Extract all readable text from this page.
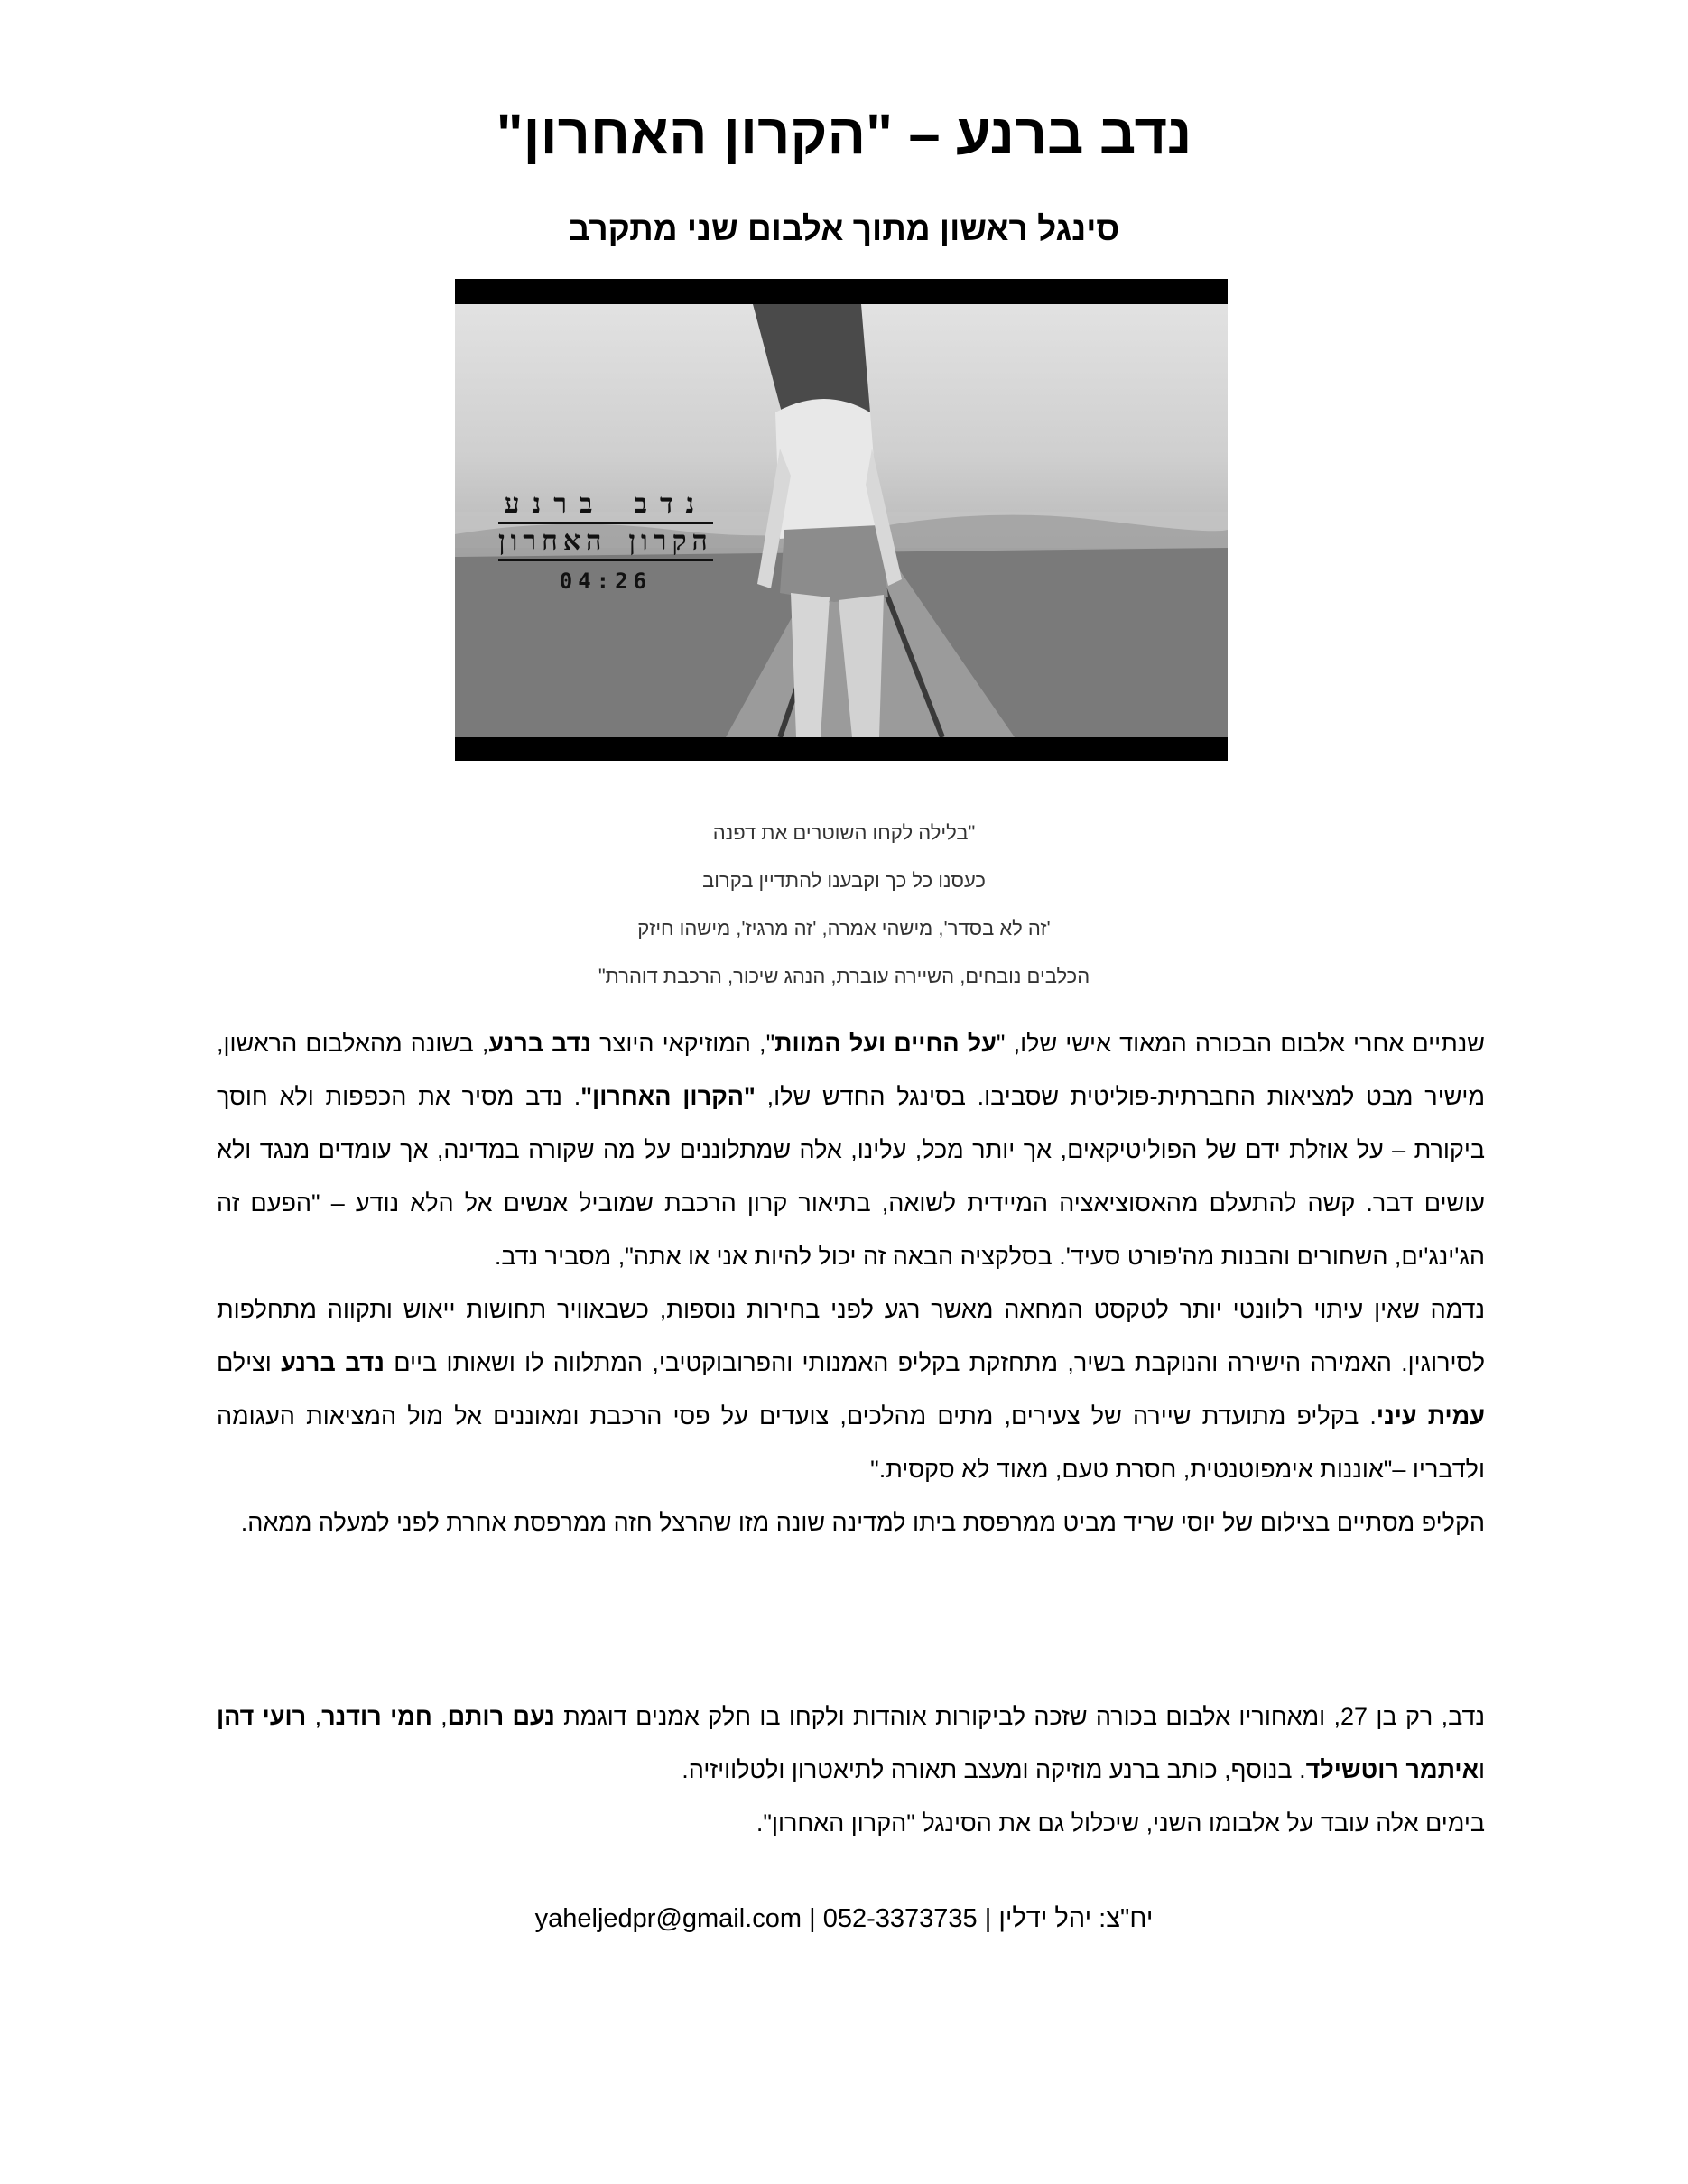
נדב ברנע – "הקרון האחרון"
סינגל ראשון מתוך אלבום שני מתקרב
נדב ברנע
הקרון האחרון
04:26
"בלילה לקחו השוטרים את דפנה
כעסנו כל כך וקבענו להתדיין בקרוב
'זה לא בסדר', מישהי אמרה, 'זה מרגיז', מישהו חיזק
הכלבים נובחים, השיירה עוברת, הנהג שיכור, הרכבת דוהרת"

שנתיים אחרי אלבום הבכורה המאוד אישי שלו, "על החיים ועל המוות", המוזיקאי היוצר נדב ברנע, בשונה מהאלבום הראשון, מישיר מבט למציאות החברתית-פוליטית שסביבו. בסינגל החדש שלו, "הקרון האחרון". נדב מסיר את הכפפות ולא חוסך ביקורת – על אוזלת ידם של הפוליטיקאים, אך יותר מכל, עלינו, אלה שמתלוננים על מה שקורה במדינה, אך עומדים מנגד ולא עושים דבר. קשה להתעלם מהאסוציאציה המיידית לשואה, בתיאור קרון הרכבת שמוביל אנשים אל הלא נודע – "הפעם זה הג'ינג'ים, השחורים והבנות מה'פורט סעיד'. בסלקציה הבאה זה יכול להיות אני או אתה", מסביר נדב.

נדמה שאין עיתוי רלוונטי יותר לטקסט המחאה מאשר רגע לפני בחירות נוספות, כשבאוויר תחושות ייאוש ותקווה מתחלפות לסירוגין. האמירה הישירה והנוקבת בשיר, מתחזקת בקליפ האמנותי והפרובוקטיבי, המתלווה לו ושאותו ביים נדב ברנע וצילם עמית עיני. בקליפ מתועדת שיירה של צעירים, מתים מהלכים, צועדים על פסי הרכבת ומאוננים אל מול המציאות העגומה ולדבריו –"אוננות אימפוטנטית, חסרת טעם, מאוד לא סקסית."

הקליפ מסתיים בצילום של יוסי שריד מביט ממרפסת ביתו למדינה שונה מזו שהרצל חזה ממרפסת אחרת לפני למעלה ממאה.

נדב, רק בן 27, ומאחוריו אלבום בכורה שזכה לביקורות אוהדות ולקחו בו חלק אמנים דוגמת נעם רותם, חמי רודנר, רועי דהן ואיתמר רוטשילד. בנוסף, כותב ברנע מוזיקה ומעצב תאורה לתיאטרון ולטלוויזיה.

בימים אלה עובד על אלבומו השני, שיכלול גם את הסינגל "הקרון האחרון".

יח"צ: יהל ידלין | 052-3373735 | yaheljedpr@gmail.com
